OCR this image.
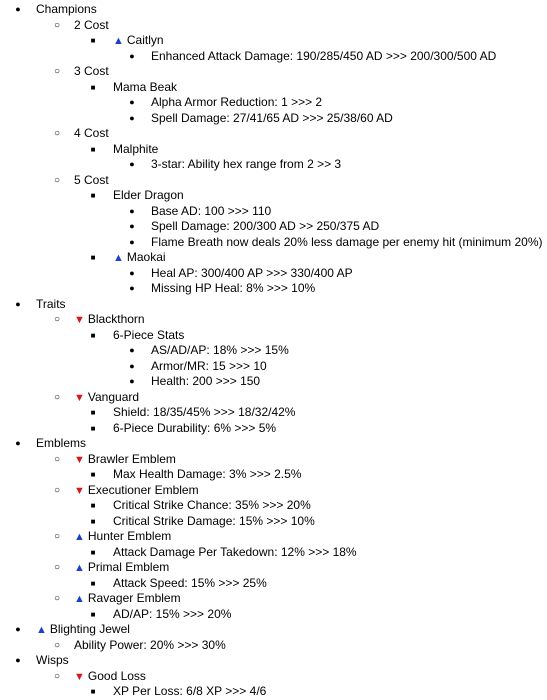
●
Champions
○
2 Cost
■
▲ Caitlyn
●
Enhanced Attack Damage: 190/285/450 AD >>> 200/300/500 AD
○
3 Cost
■
Mama Beak
●
Alpha Armor Reduction: 1 >>> 2
●
Spell Damage: 27/41/65 AD >>> 25/38/60 AD
○
4 Cost
■
Malphite
●
3-star: Ability hex range from 2 >> 3
○
5 Cost
■
Elder Dragon
●
Base AD: 100 >>> 110
●
Spell Damage: 200/300 AD >> 250/375 AD
●
Flame Breath now deals 20% less damage per enemy hit (minimum 20%)
■
▲ Maokai
●
Heal AP: 300/400 AP >>> 330/400 AP
●
Missing HP Heal: 8% >>> 10%
●
Traits
○
▼ Blackthorn
■
6-Piece Stats
●
AS/AD/AP: 18% >>> 15%
●
Armor/MR: 15 >>> 10
●
Health: 200 >>> 150
○
▼ Vanguard
■
Shield: 18/35/45% >>> 18/32/42%
■
6-Piece Durability: 6% >>> 5%
●
Emblems
○
▼ Brawler Emblem
■
Max Health Damage: 3% >>> 2.5%
○
▼ Executioner Emblem
■
Critical Strike Chance: 35% >>> 20%
■
Critical Strike Damage: 15% >>> 10%
○
▲ Hunter Emblem
■
Attack Damage Per Takedown: 12% >>> 18%
○
▲ Primal Emblem
■
Attack Speed: 15% >>> 25%
○
▲ Ravager Emblem
■
AD/AP: 15% >>> 20%
●
▲ Blighting Jewel
○
Ability Power: 20% >>> 30%
●
Wisps
○
▼ Good Loss
■
XP Per Loss: 6/8 XP >>> 4/6
